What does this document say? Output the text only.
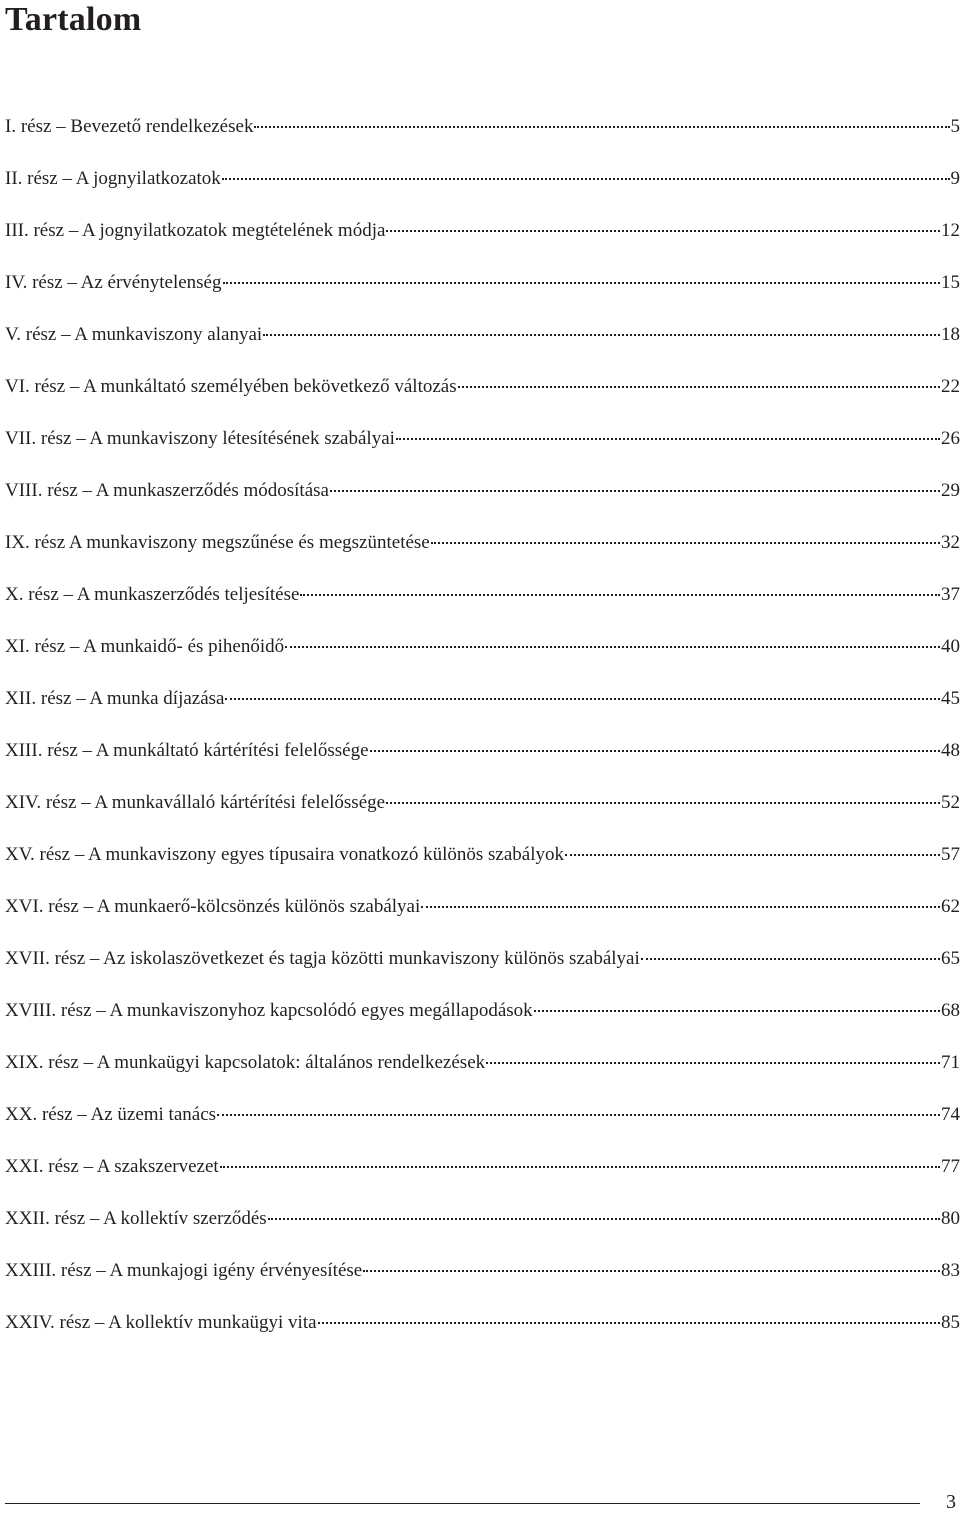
Tartalom
I. rész – Bevezető rendelkezések	5
II. rész – A jognyilatkozatok	9
III. rész – A jognyilatkozatok megtételének módja	12
IV. rész – Az érvénytelenség	15
V. rész – A munkaviszony alanyai	18
VI. rész – A munkáltató személyében bekövetkező változás	22
VII. rész – A munkaviszony létesítésének szabályai	26
VIII. rész – A munkaszerződés módosítása	29
IX. rész A munkaviszony megszűnése és megszüntetése	32
X. rész – A munkaszerződés teljesítése	37
XI. rész – A munkaidő- és pihenőidő	40
XII. rész – A munka díjazása	45
XIII. rész – A munkáltató kártérítési felelőssége	48
XIV. rész – A munkavállaló kártérítési felelőssége	52
XV. rész – A munkaviszony egyes típusaira vonatkozó különös szabályok	57
XVI. rész – A munkaerő-kölcsönzés különös szabályai	62
XVII. rész – Az iskolaszövetkezet és tagja közötti munkaviszony különös szabályai	65
XVIII. rész – A munkaviszonyhoz kapcsolódó egyes megállapodások	68
XIX. rész – A munkaügyi kapcsolatok: általános rendelkezések	71
XX. rész – Az üzemi tanács	74
XXI. rész – A szakszervezet	77
XXII. rész – A kollektív szerződés	80
XXIII. rész – A munkajogi igény érvényesítése	83
XXIV. rész – A kollektív munkaügyi vita	85
3
